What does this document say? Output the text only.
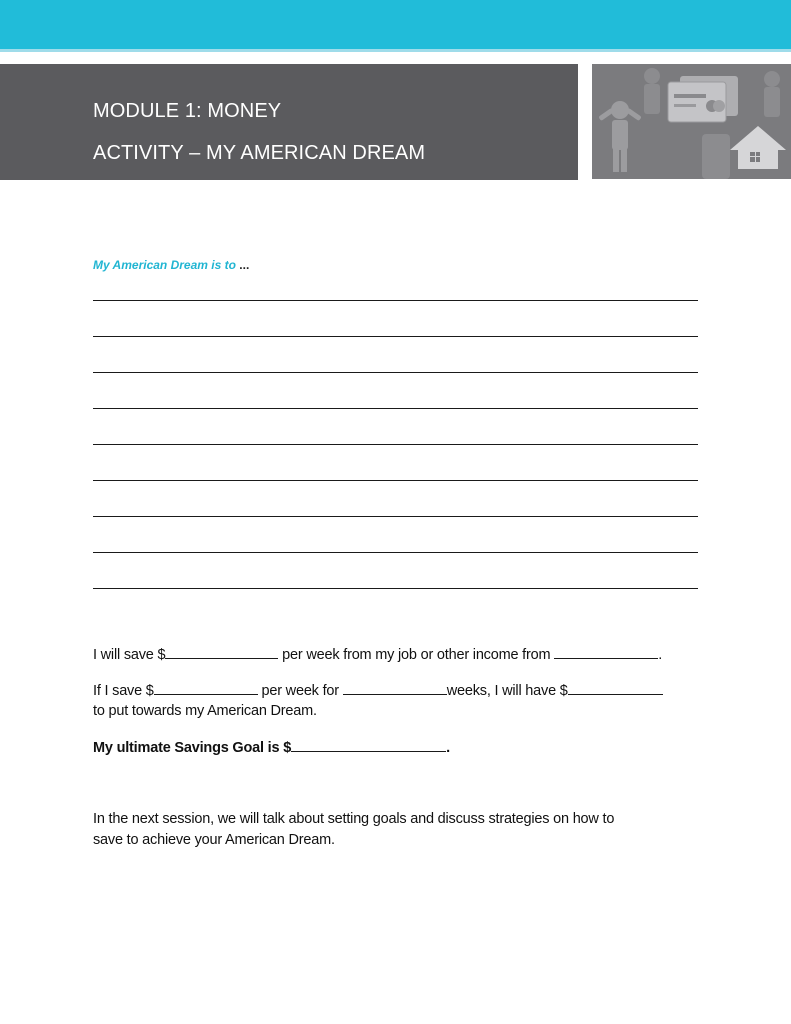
MODULE 1: MONEY
ACTIVITY – MY AMERICAN DREAM
My American Dream is to ...
I will save $	per week from my job or other income from	.
If I save $	per week for	weeks, I will have $
to put towards my American Dream.
My ultimate Savings Goal is $	.
In the next session, we will talk about setting goals and discuss strategies on how to
save to achieve your American Dream.
